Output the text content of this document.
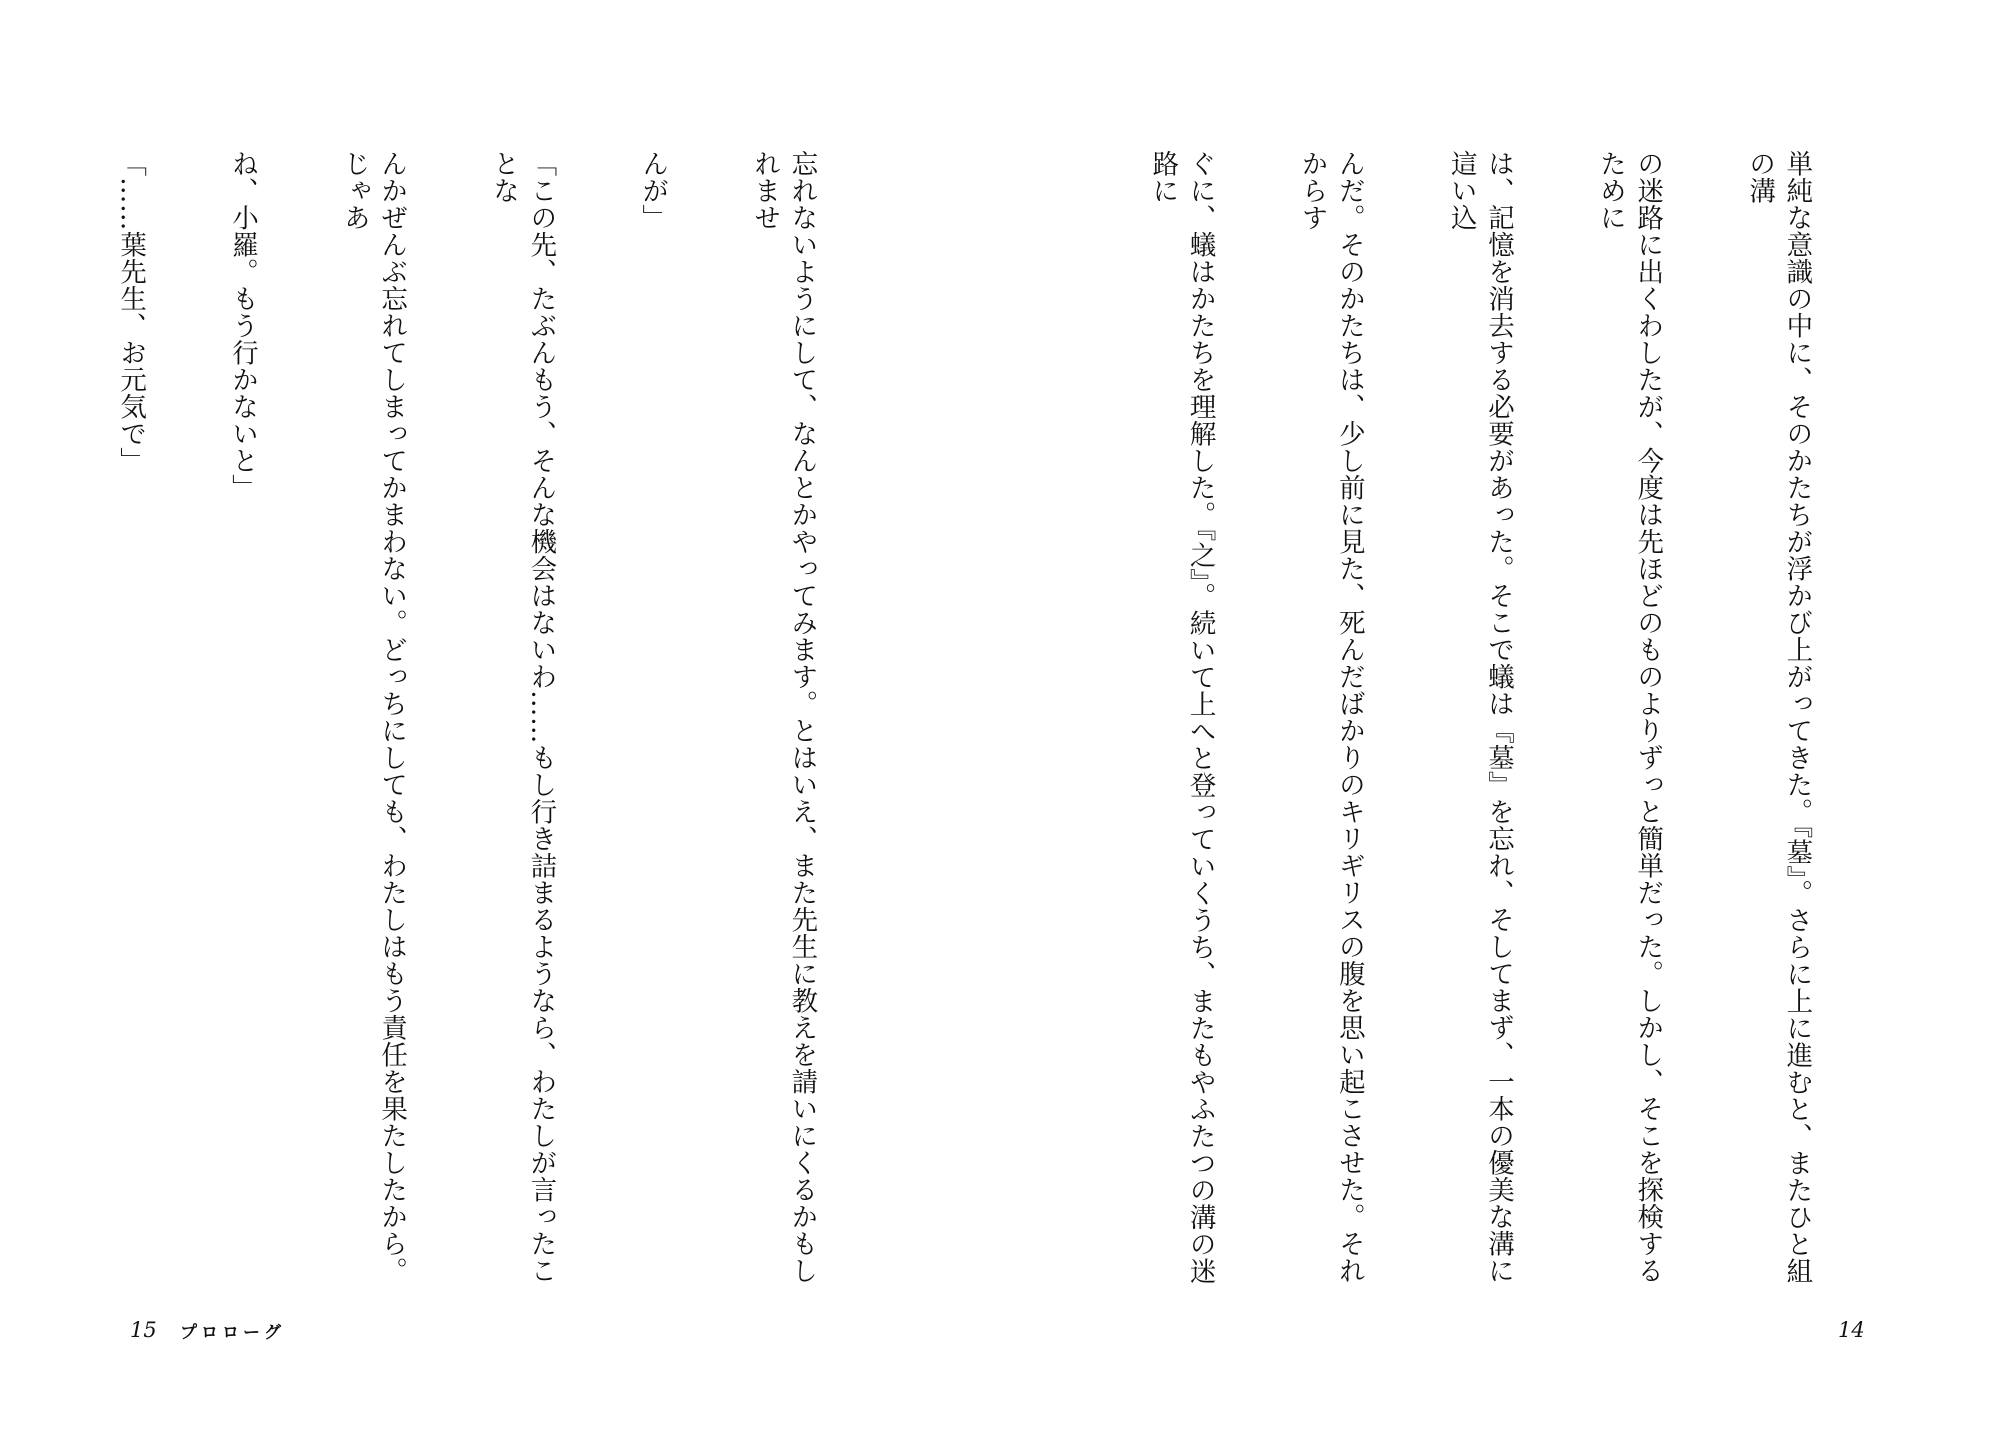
忘れないようにして、なんとかやってみます。とはいえ、また先生に教えを請いにくるかもしれませ

んが」

「この先、たぶんもう、そんな機会はないわ……もし行き詰まるようなら、わたしが言ったことな

んかぜんぶ忘れてしまってかまわない。どっちにしても、わたしはもう責任を果たしたから。じゃあ

ね、小羅。もう行かないと」

「……葉先生、お元気で」

15 プロローグ

単純な意識の中に、そのかたちが浮かび上がってきた。『墓』。さらに上に進むと、またひと組の溝

の迷路に出くわしたが、今度は先ほどのものよりずっと簡単だった。しかし、そこを探検するために

は、記憶を消去する必要があった。そこで蟻は『墓』を忘れ、そしてまず、一本の優美な溝に這い込

んだ。そのかたちは、少し前に見た、死んだばかりのキリギリスの腹を思い起こさせた。それからす

ぐに、蟻はかたちを理解した。『之』。続いて上へと登っていくうち、またもやふたつの溝の迷路に

14
